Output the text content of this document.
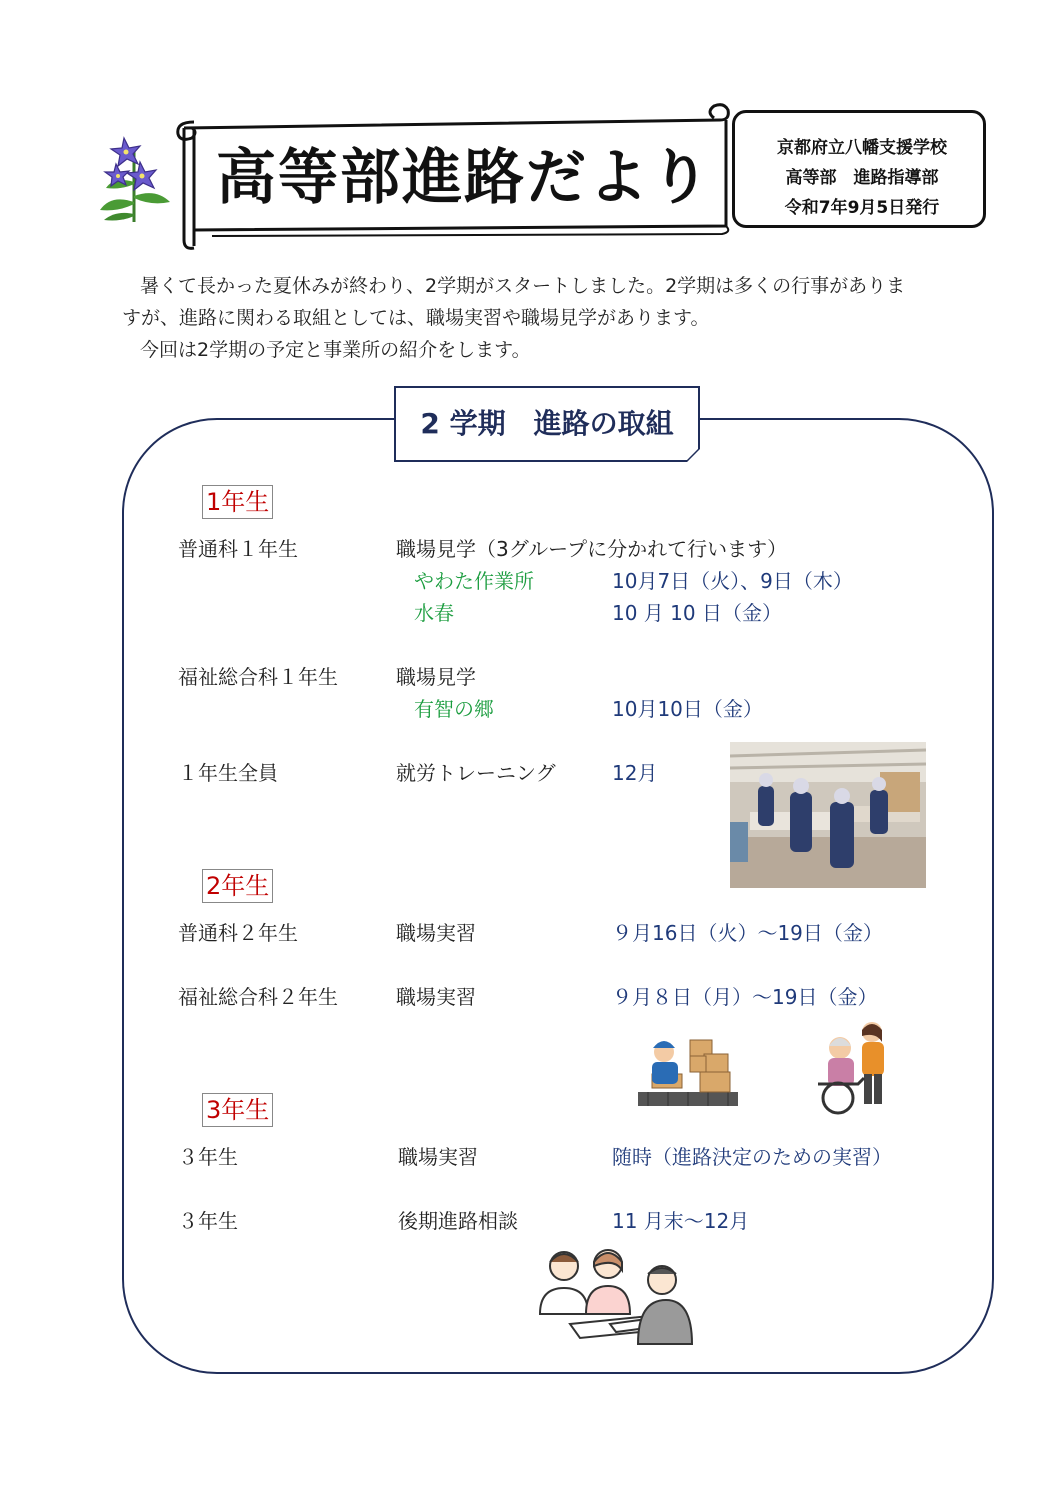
高等部進路だより	京都府立八幡支援学校
高等部　進路指導部
令和7年9月5日発行
暑くて長かった夏休みが終わり、2学期がスタートしました。2学期は多くの行事がありま
すが、進路に関わる取組としては、職場実習や職場見学があります。
今回は2学期の予定と事業所の紹介をします。
2 学期　進路の取組
1年生
普通科１年生	職場見学（3グループに分かれて行います）
やわた作業所	10月7日（火）、9日（木）
水春	10 月 10 日（金）
福祉総合科１年生	職場見学
有智の郷	10月10日（金）
１年生全員	就労トレーニング	12月
2年生
普通科２年生	職場実習	９月16日（火）～19日（金）
福祉総合科２年生	職場実習	９月８日（月）～19日（金）
3年生
３年生	職場実習	随時（進路決定のための実習）
３年生	後期進路相談	11 月末～12月
